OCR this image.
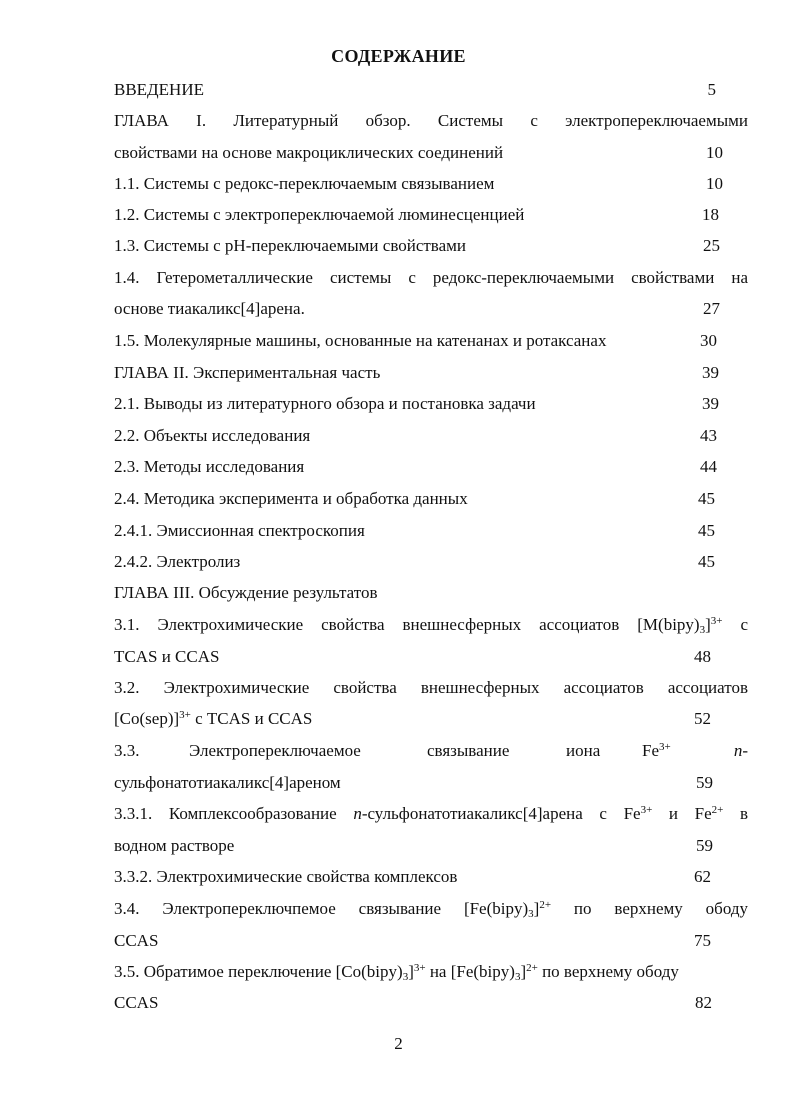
СОДЕРЖАНИЕ
ВВЕДЕНИЕ	5
ГЛАВА I. Литературный обзор. Системы с электропереключаемыми
свойствами на основе макроциклических соединений	10
1.1. Системы с редокс-переключаемым связыванием	10
1.2. Системы с электропереключаемой люминесценцией	18
1.3. Системы с рН-переключаемыми свойствами	25
1.4. Гетерометаллические системы с редокс-переключаемыми свойствами на
основе тиакаликс[4]арена.	27
1.5. Молекулярные машины, основанные на катенанах и ротаксанах	30
ГЛАВА II. Экспериментальная часть	39
2.1. Выводы из литературного обзора и постановка задачи	39
2.2. Объекты исследования	43
2.3. Методы исследования	44
2.4. Методика эксперимента и обработка данных	45
2.4.1. Эмиссионная спектроскопия	45
2.4.2. Электролиз	45
ГЛАВА III. Обсуждение результатов
3.1. Электрохимические свойства внешнесферных ассоциатов $[M(bipy)_3]^{3+}$ с
TCAS и CCAS	48
3.2. Электрохимические свойства внешнесферных ассоциатов ассоциатов
$[Co(sep)]^{3+}$ с TCAS и CCAS	52
3.3.	Электропереключаемое	связывание	иона $Fe^{3+}$	n-
сульфонатотиакаликс[4]ареном	59
3.3.1. Комплексообразование n-сульфонатотиакаликс[4]арена с $Fe^{3+}$ и $Fe^{2+}$ в
водном растворе	59
3.3.2. Электрохимические свойства комплексов	62
3.4. Электропереключпемое связывание $[Fe(bipy)_3]^{2+}$ по верхнему ободу
CCAS	75
3.5. Обратимое переключение $[Co(bipy)_3]^{3+}$ на $[Fe(bipy)_3]^{2+}$ по верхнему ободу
CCAS	82
2
